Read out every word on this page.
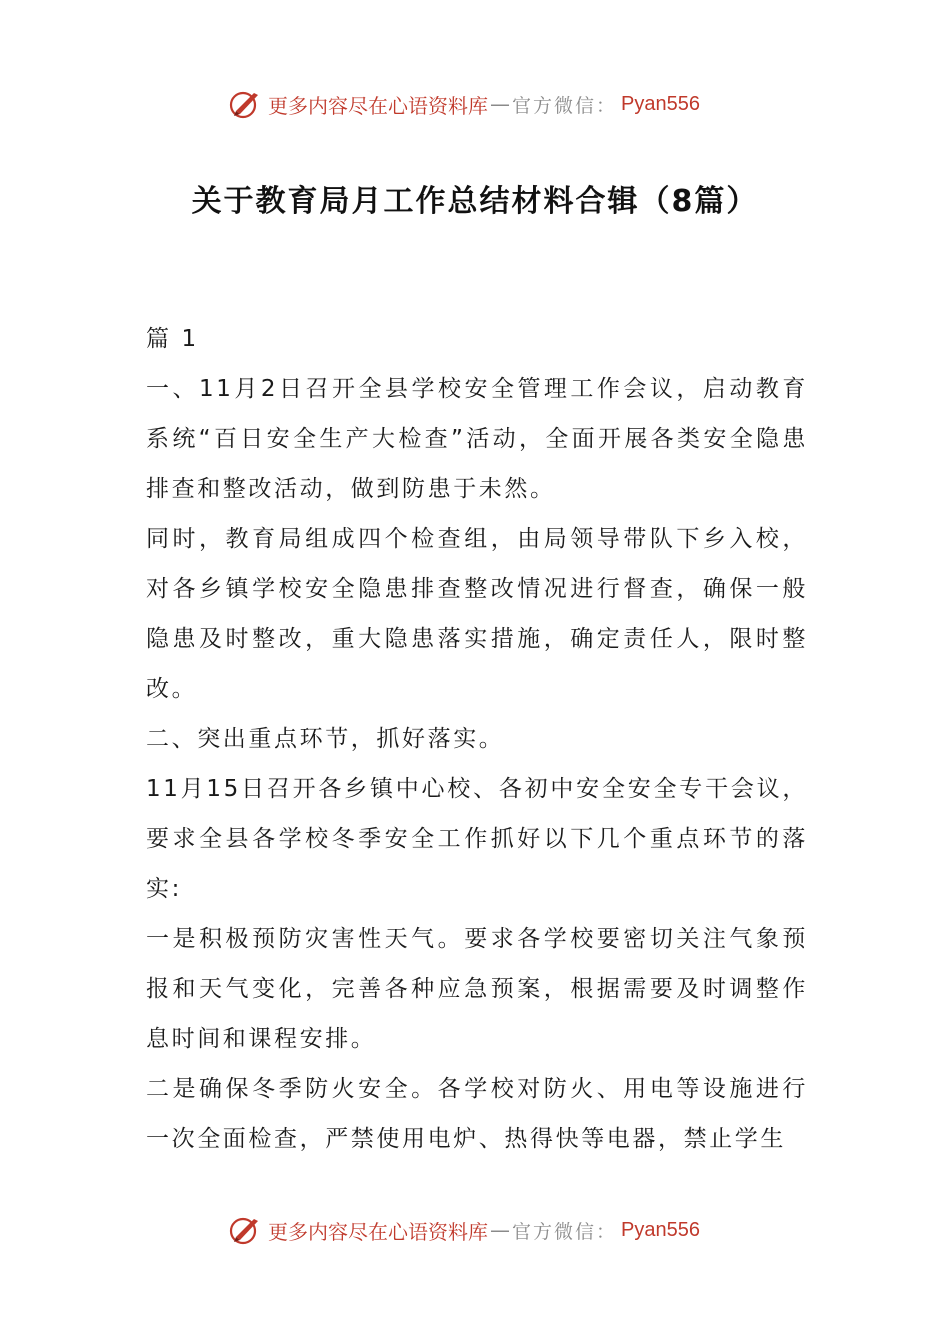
更多内容尽在心语资料库 — 官方微信： Pyan556
关于教育局月工作总结材料合辑（8篇）

篇 1

一、11月2日召开全县学校安全管理工作会议，启动教育系统“百日安全生产大检查”活动，全面开展各类安全隐患排查和整改活动，做到防患于未然。

同时，教育局组成四个检查组，由局领导带队下乡入校，对各乡镇学校安全隐患排查整改情况进行督查，确保一般隐患及时整改，重大隐患落实措施，确定责任人，限时整改。

二、突出重点环节，抓好落实。

11月15日召开各乡镇中心校、各初中安全安全专干会议，要求全县各学校冬季安全工作抓好以下几个重点环节的落实:

一是积极预防灾害性天气。要求各学校要密切关注气象预报和天气变化，完善各种应急预案，根据需要及时调整作息时间和课程安排。

二是确保冬季防火安全。各学校对防火、用电等设施进行一次全面检查，严禁使用电炉、热得快等电器，禁止学生

更多内容尽在心语资料库 — 官方微信： Pyan556
